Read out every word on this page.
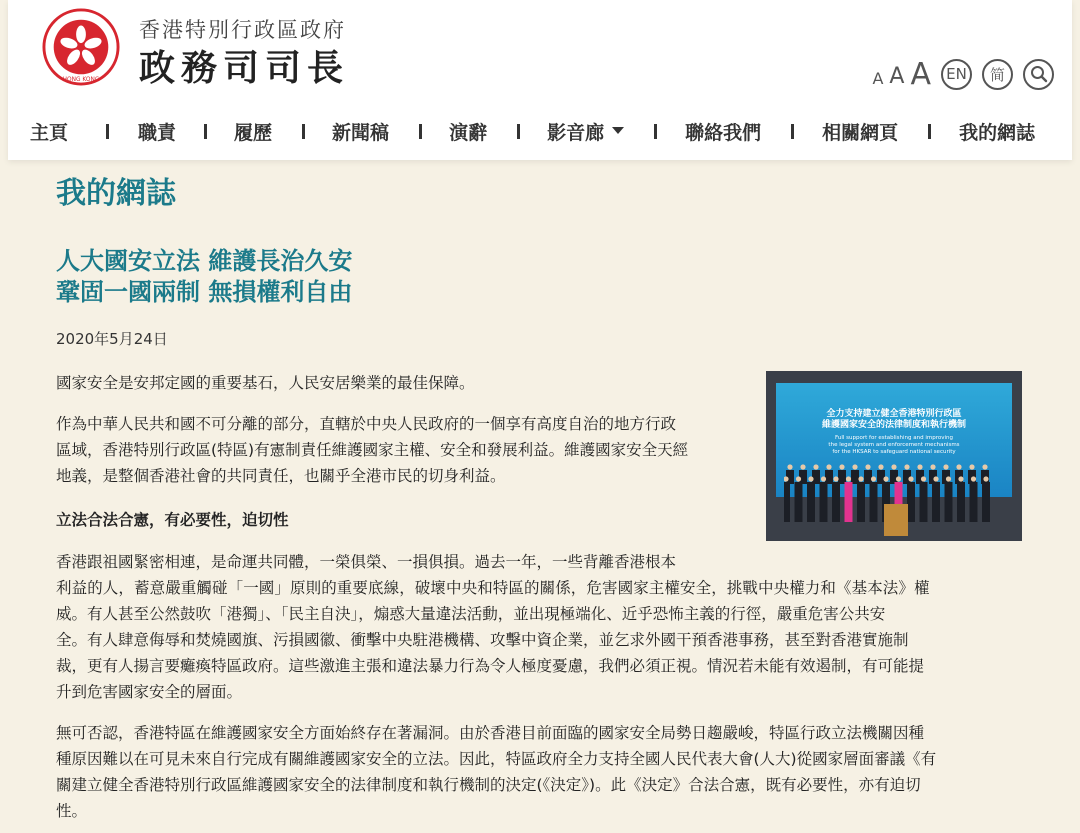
HONG KONG
香港特別行政區政府
政務司司長	A A A	EN	简
主頁	職責	履歷	新聞稿	演辭	影音廊	聯絡我們	相關網頁	我的網誌
我的網誌
人大國安立法 維護長治久安
鞏固一國兩制 無損權利自由
2020年5月24日
國家安全是安邦定國的重要基石，人民安居樂業的最佳保障。
作為中華人民共和國不可分離的部分，直轄於中央人民政府的一個享有高度自治的地方行政
區域，香港特別行政區(特區)有憲制責任維護國家主權、安全和發展利益。維護國家安全天經
地義，是整個香港社會的共同責任，也關乎全港市民的切身利益。
立法合法合憲，有必要性，迫切性
香港跟祖國緊密相連，是命運共同體，一榮俱榮、一損俱損。過去一年，一些背離香港根本
利益的人，蓄意嚴重觸碰「一國」原則的重要底線，破壞中央和特區的關係，危害國家主權安全，挑戰中央權力和《基本法》權
威。有人甚至公然鼓吹「港獨」、「民主自決」，煽惑大量違法活動，並出現極端化、近乎恐怖主義的行徑，嚴重危害公共安
全。有人肆意侮辱和焚燒國旗、污損國徽、衝擊中央駐港機構、攻擊中資企業，並乞求外國干預香港事務，甚至對香港實施制
裁，更有人揚言要癱瘓特區政府。這些激進主張和違法暴力行為令人極度憂慮，我們必須正視。情況若未能有效遏制，有可能提
升到危害國家安全的層面。
無可否認，香港特區在維護國家安全方面始終存在著漏洞。由於香港目前面臨的國家安全局勢日趨嚴峻，特區行政立法機關因種
種原因難以在可見未來自行完成有關維護國家安全的立法。因此，特區政府全力支持全國人民代表大會(人大)從國家層面審議《有
關建立健全香港特別行政區維護國家安全的法律制度和執行機制的決定(《決定》)。此《決定》合法合憲，既有必要性，亦有迫切
性。
全力支持建立健全香港特別行政區
維護國家安全的法律制度和執行機制
Full support for establishing and improving
the legal system and enforcement mechanisms
for the HKSAR to safeguard national security
